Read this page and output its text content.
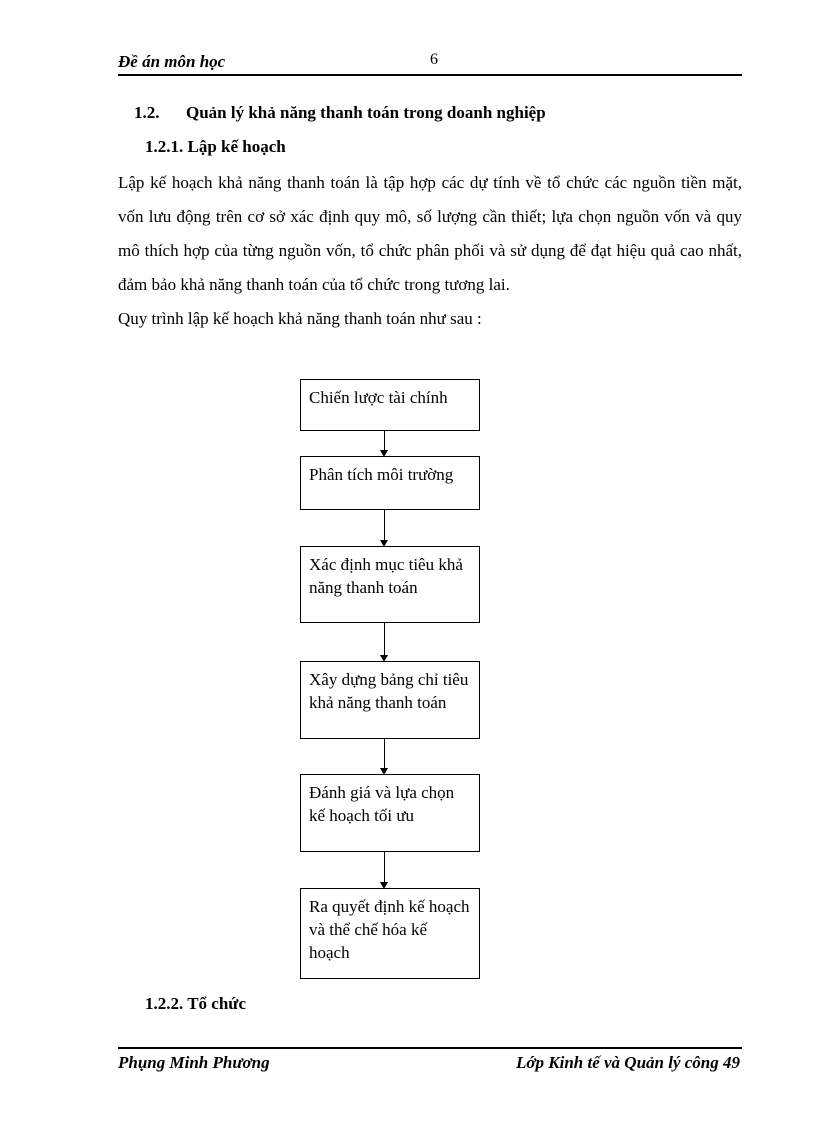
Đề án môn học	6
1.2. Quản lý khả năng thanh toán trong doanh nghiệp
1.2.1. Lập kế hoạch

Lập kế hoạch khả năng thanh toán là tập hợp các dự tính về tổ chức các nguồn tiền mặt, vốn lưu động trên cơ sở xác định quy mô, số lượng cần thiết; lựa chọn nguồn vốn và quy mô thích hợp của từng nguồn vốn, tổ chức phân phối và sử dụng để đạt hiệu quả cao nhất, đảm bảo khả năng thanh toán của tổ chức trong tương lai.

Quy trình lập kế hoạch khả năng thanh toán như sau :

Chiến lược tài chính
Phân tích môi trường
Xác định mục tiêu khả năng thanh toán
Xây dựng bảng chỉ tiêu khả năng thanh toán
Đánh giá và lựa chọn kế hoạch tối ưu
Ra quyết định kế hoạch và thể chế hóa kế hoạch
1.2.2. Tổ chức
Phụng Minh Phương	Lớp Kinh tế và Quản lý công 49
